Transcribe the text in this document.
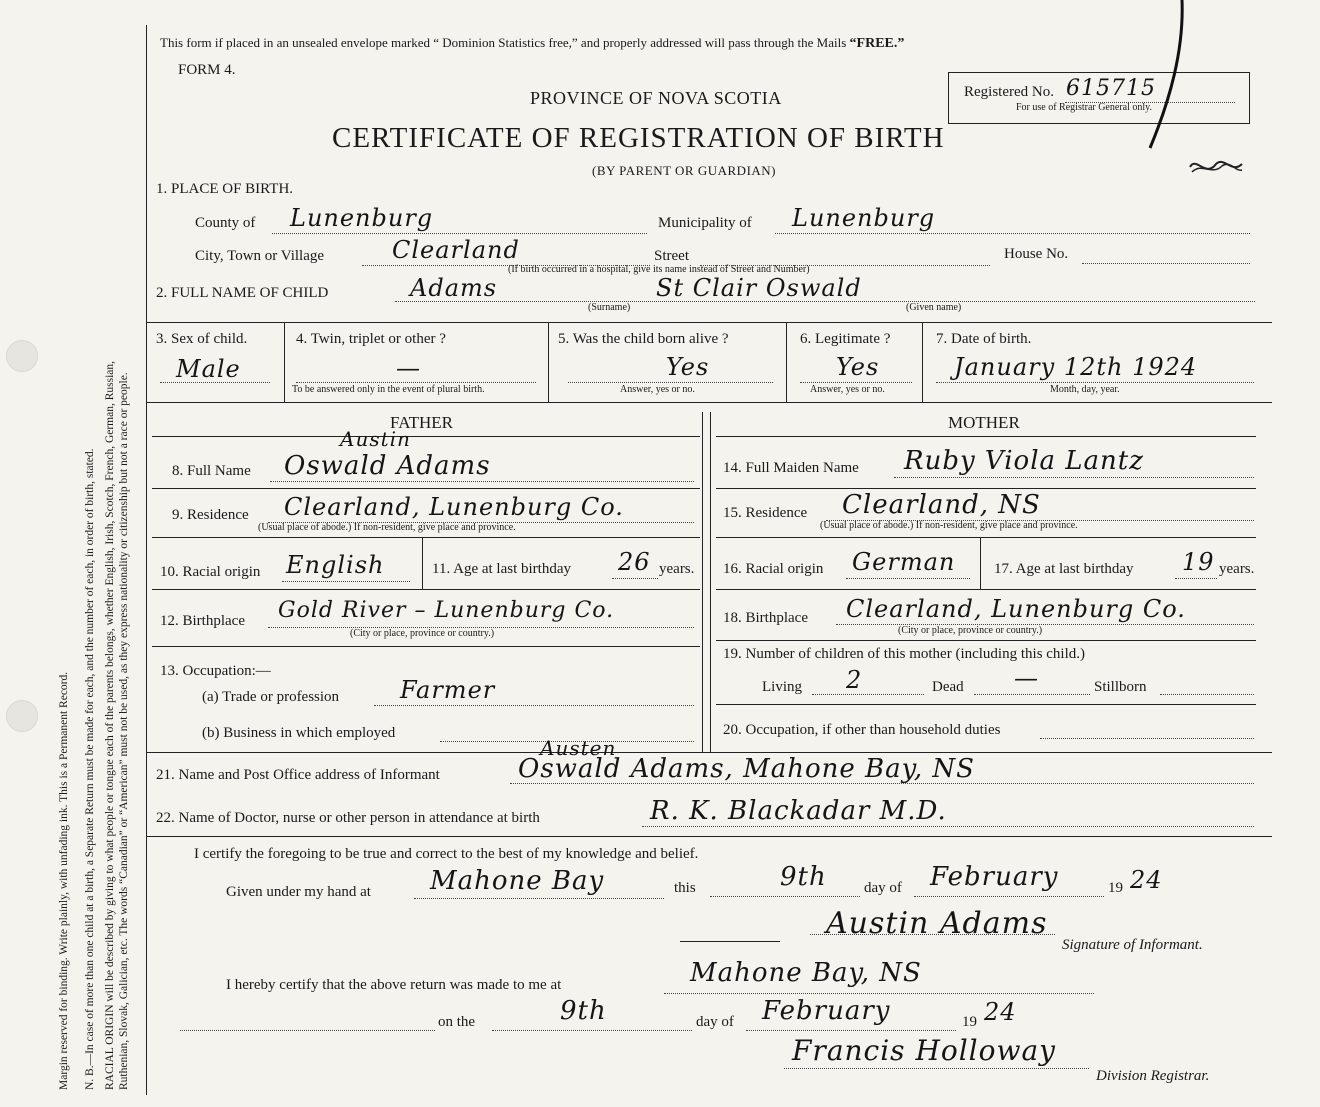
Margin reserved for binding. Write plainly, with unfading ink. This is a Permanent Record. N. B.—In case of more than one child at a birth, a Separate Return must be made for each, and the number of each, in order of birth, stated. RACIAL ORIGIN will be described by giving to what people or tongue each of the parents belongs, whether English, Irish, Scotch, French, German, Russian, Ruthenian, Slovak, Galician, etc. The words “Canadian” or “American” must not be used, as they express nationality or citizenship but not a race or people.
This form if placed in an unsealed envelope marked “ Dominion Statistics free,” and properly addressed will pass through the Mails “FREE.”
FORM 4.
PROVINCE OF NOVA SCOTIA
CERTIFICATE OF REGISTRATION OF BIRTH
(BY PARENT OR GUARDIAN)
Registered No. 615715
For use of Registrar General only.
1. PLACE OF BIRTH.
County of Lunenburg	Municipality of Lunenburg
City, Town or Village	Clearland	Street	House No.
(If birth occurred in a hospital, give its name instead of Street and Number)
2. FULL NAME OF CHILD	Adams	St Clair Oswald
(Surname)	(Given name)
3. Sex of child.
Male
4. Twin, triplet or other ?
—
To be answered only in the event of plural birth.
5. Was the child born alive ?
Yes
Answer, yes or no.
6. Legitimate ?
Yes
Answer, yes or no.
7. Date of birth.
January 12th 1924
Month, day, year.
FATHER	MOTHER
8. Full Name
Austin
Oswald Adams
9. Residence Clearland, Lunenburg Co.
(Usual place of abode.) If non-resident, give place and province.
10. Racial origin English	11. Age at last birthday 26 years.
12. Birthplace Gold River – Lunenburg Co.
(City or place, province or country.)
13. Occupation:—
(a) Trade or profession	Farmer
(b) Business in which employed
14. Full Maiden Name Ruby Viola Lantz
15. Residence Clearland, NS
(Usual place of abode.) If non-resident, give place and province.
16. Racial origin German	17. Age at last birthday 19 years.
18. Birthplace Clearland, Lunenburg Co.
(City or place, province or country.)
19. Number of children of this mother (including this child.)
Living 2	Dead —	Stillborn
20. Occupation, if other than household duties
21. Name and Post Office address of Informant
Austen
Oswald Adams, Mahone Bay, NS
22. Name of Doctor, nurse or other person in attendance at birth	R. K. Blackadar M.D.
I certify the foregoing to be true and correct to the best of my knowledge and belief.
Given under my hand at Mahone Bay	this	9th day of February	19 24
Austin Adams
Signature of Informant.
I hereby certify that the above return was made to me at	Mahone Bay, NS
on the	9th	day of February	19 24
Francis Holloway
Division Registrar.
